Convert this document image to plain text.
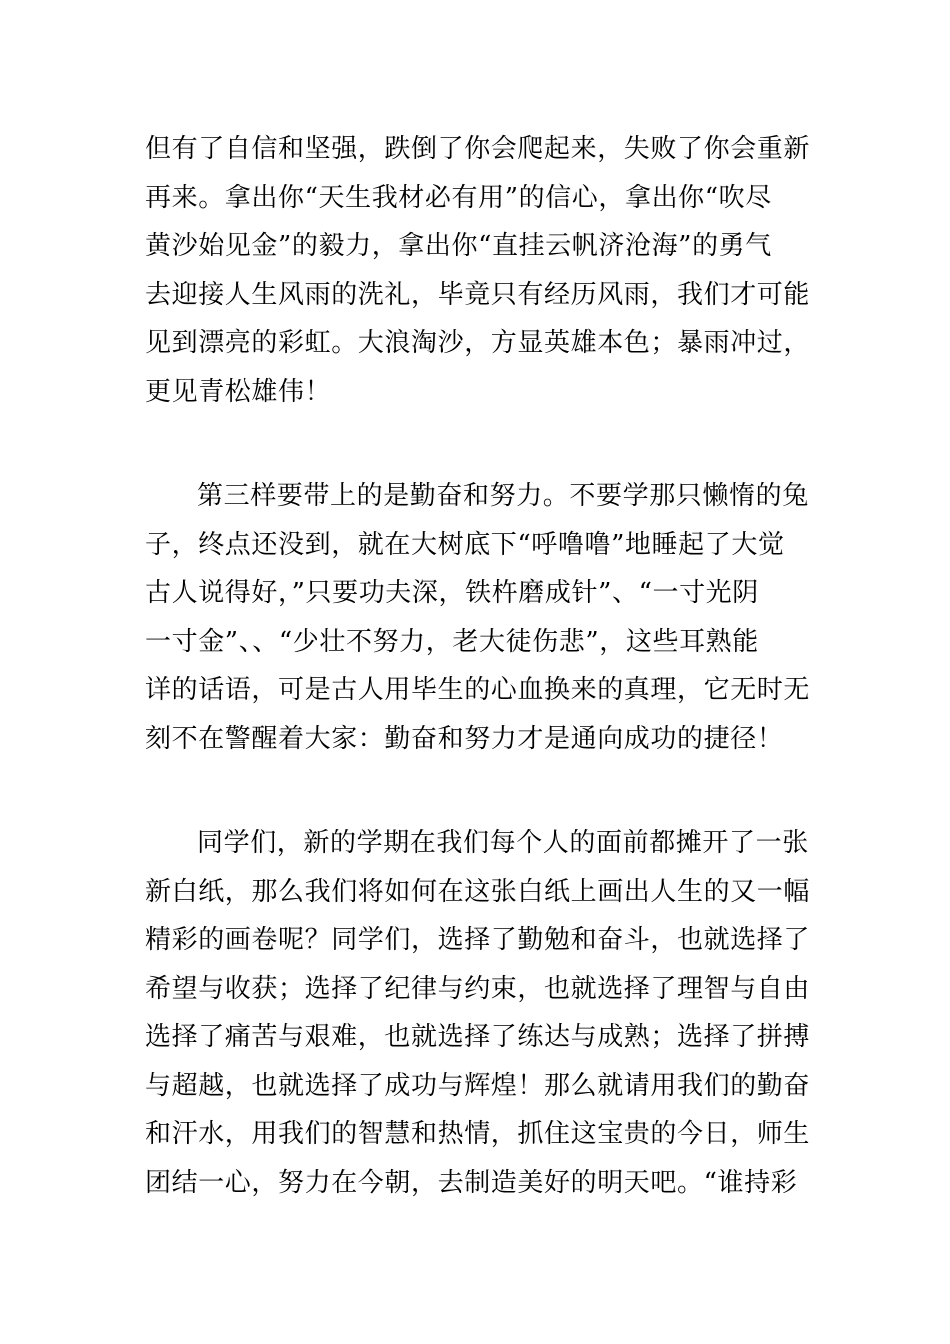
但有了自信和坚强，跌倒了你会爬起来，失败了你会重新
再来。拿出你“天生我材必有用”的信心，拿出你“吹尽
黄沙始见金”的毅力，拿出你“直挂云帆济沧海”的勇气
去迎接人生风雨的洗礼，毕竟只有经历风雨，我们才可能
见到漂亮的彩虹。大浪淘沙，方显英雄本色；暴雨冲过，
更见青松雄伟！
第三样要带上的是勤奋和努力。不要学那只懒惰的兔
子，终点还没到，就在大树底下“呼噜噜”地睡起了大觉
古人说得好，”只要功夫深，铁杵磨成针”、“一寸光阴
一寸金”、、“少壮不努力，老大徒伤悲”，这些耳熟能
详的话语，可是古人用毕生的心血换来的真理，它无时无
刻不在警醒着大家：勤奋和努力才是通向成功的捷径！
同学们，新的学期在我们每个人的面前都摊开了一张
新白纸，那么我们将如何在这张白纸上画出人生的又一幅
精彩的画卷呢？同学们，选择了勤勉和奋斗，也就选择了
希望与收获；选择了纪律与约束，也就选择了理智与自由
选择了痛苦与艰难，也就选择了练达与成熟；选择了拼搏
与超越，也就选择了成功与辉煌！那么就请用我们的勤奋
和汗水，用我们的智慧和热情，抓住这宝贵的今日，师生
团结一心，努力在今朝，去制造美好的明天吧。“谁持彩
